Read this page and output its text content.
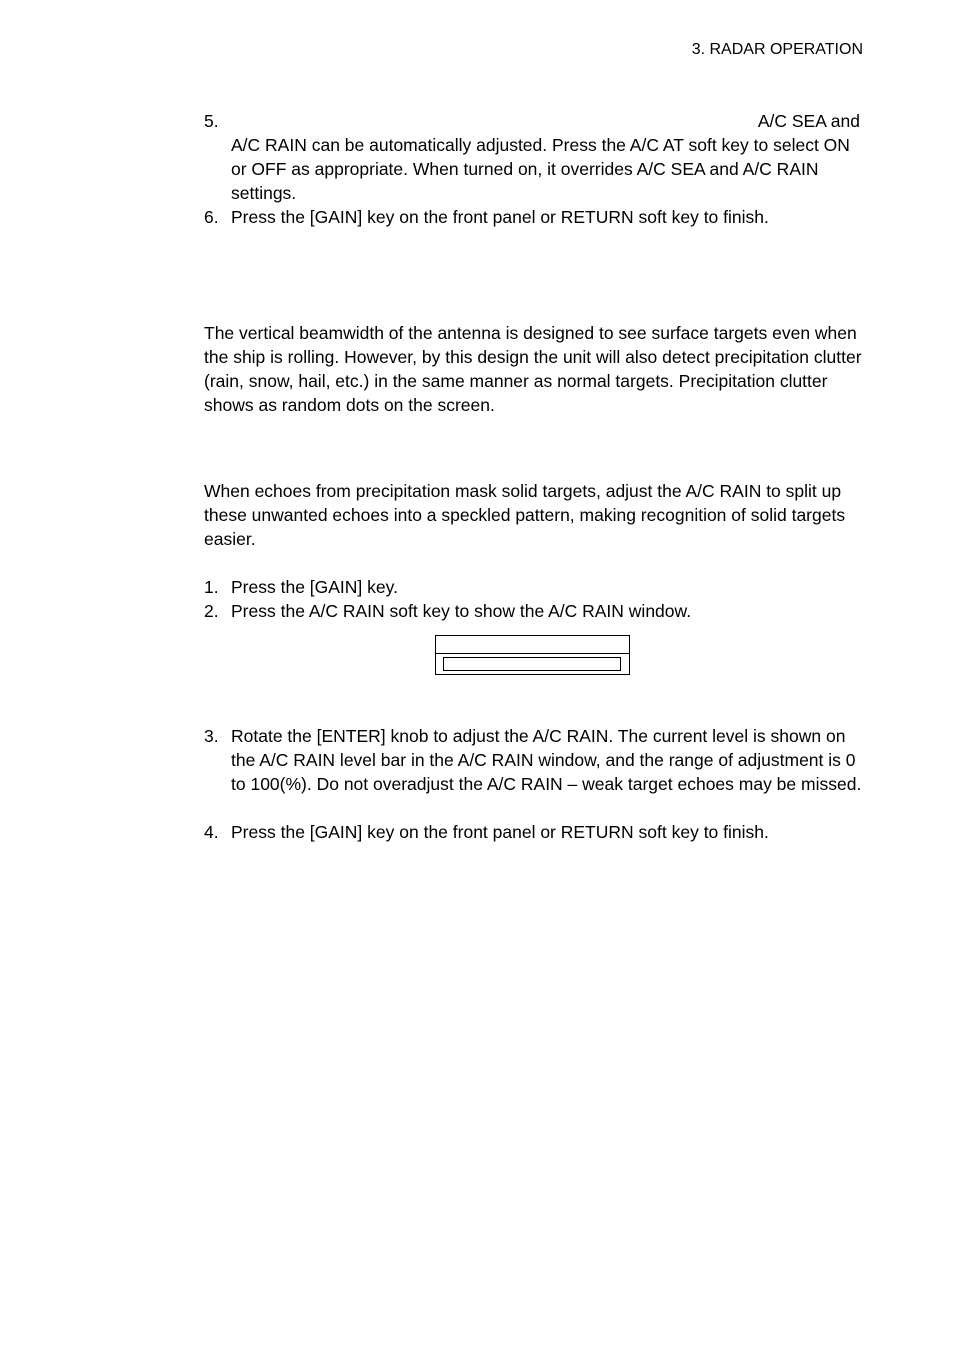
3. RADAR OPERATION
5.	A/C SEA and
A/C RAIN can be automatically adjusted. Press the A/C AT soft key to select ON or OFF as appropriate. When turned on, it overrides A/C SEA and A/C RAIN settings.
6. Press the [GAIN] key on the front panel or RETURN soft key to finish.
The vertical beamwidth of the antenna is designed to see surface targets even when the ship is rolling. However, by this design the unit will also detect precipitation clutter (rain, snow, hail, etc.) in the same manner as normal targets. Precipitation clutter shows as random dots on the screen.
When echoes from precipitation mask solid targets, adjust the A/C RAIN to split up these unwanted echoes into a speckled pattern, making recognition of solid targets easier.
1. Press the [GAIN] key.
2. Press the A/C RAIN soft key to show the A/C RAIN window.
3. Rotate the [ENTER] knob to adjust the A/C RAIN. The current level is shown on the A/C RAIN level bar in the A/C RAIN window, and the range of adjustment is 0 to 100(%). Do not overadjust the A/C RAIN – weak target echoes may be missed.
4. Press the [GAIN] key on the front panel or RETURN soft key to finish.
